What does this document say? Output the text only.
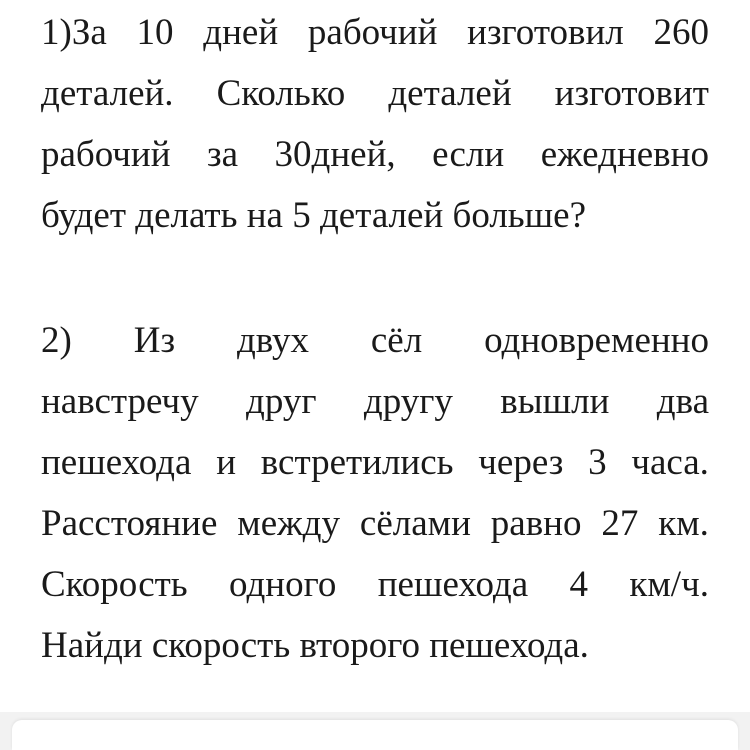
1)За 10 дней рабочий изготовил 260
деталей. Сколько деталей изготовит
рабочий за 30дней, если ежедневно
будет делать на 5 деталей больше?
2) Из двух сёл одновременно
навстречу друг другу вышли два
пешехода и встретились через 3 часа.
Расстояние между сёлами равно 27 км.
Скорость одного пешехода 4 км/ч.
Найди скорость второго пешехода.
